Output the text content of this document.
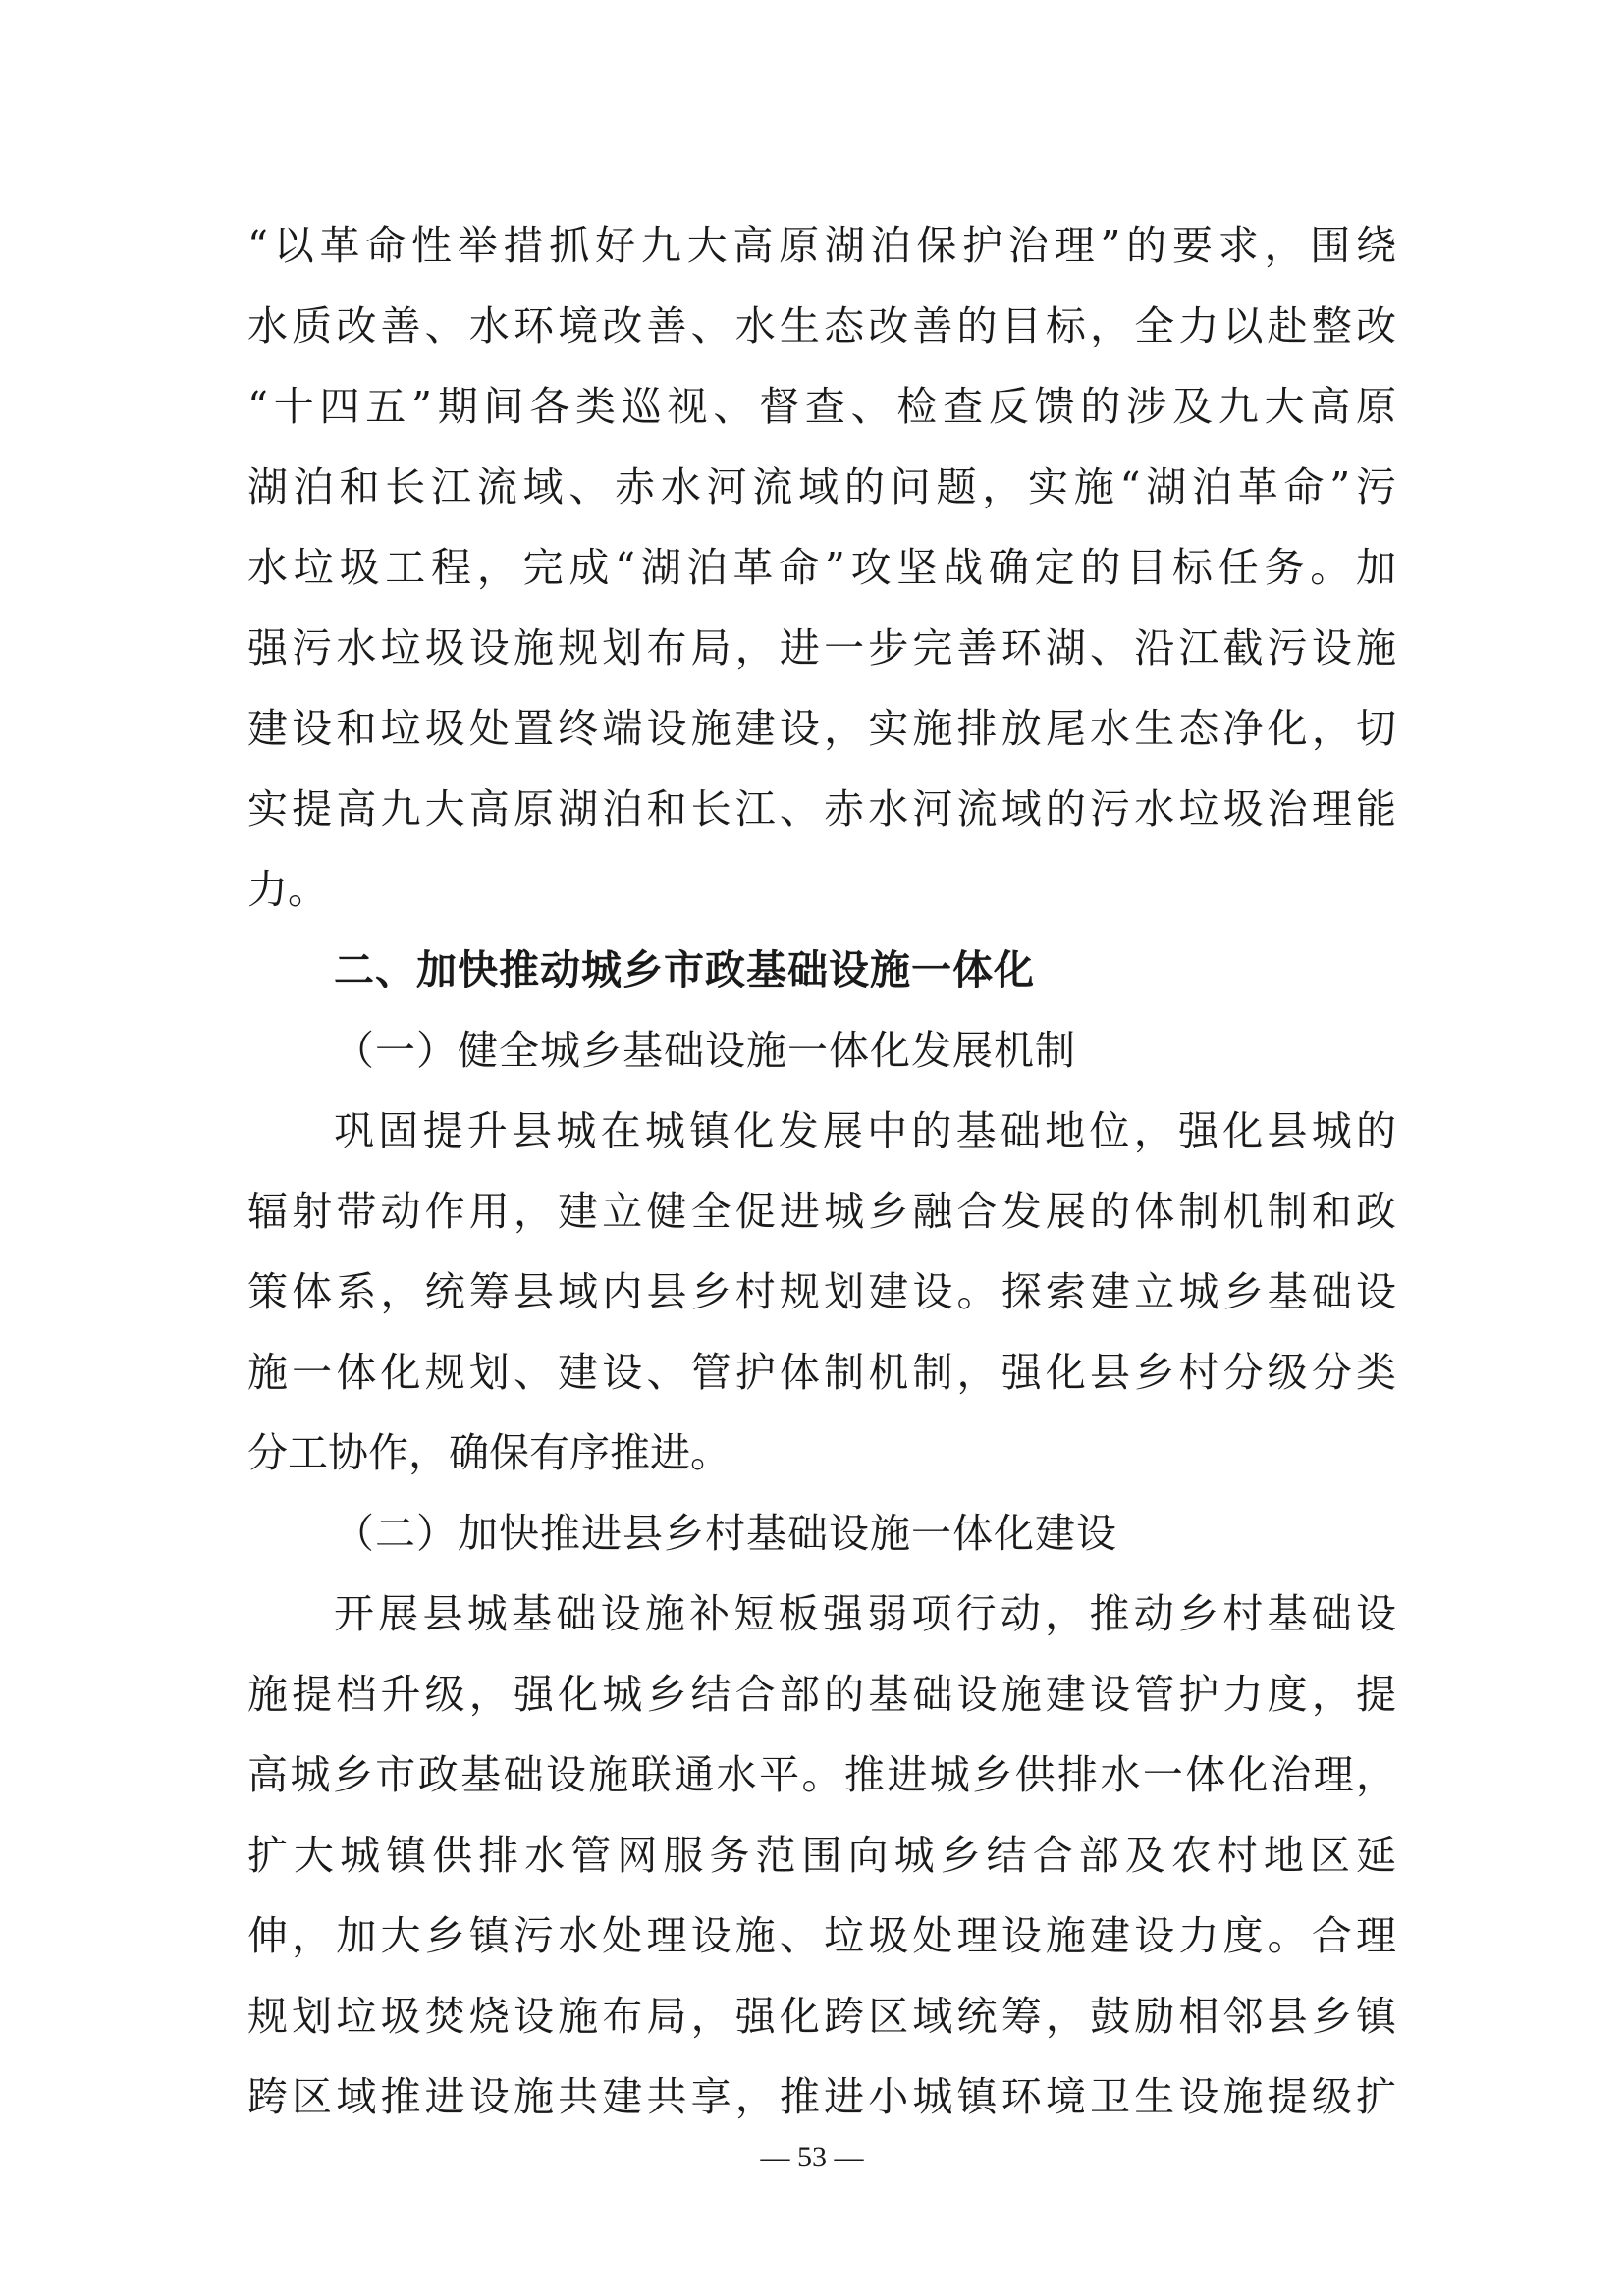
“以革命性举措抓好九大高原湖泊保护治理”的要求，围绕
水质改善、水环境改善、水生态改善的目标，全力以赴整改
“十四五”期间各类巡视、督查、检查反馈的涉及九大高原
湖泊和长江流域、赤水河流域的问题，实施“湖泊革命”污
水垃圾工程，完成“湖泊革命”攻坚战确定的目标任务。加
强污水垃圾设施规划布局，进一步完善环湖、沿江截污设施
建设和垃圾处置终端设施建设，实施排放尾水生态净化，切
实提高九大高原湖泊和长江、赤水河流域的污水垃圾治理能
力。
二、加快推动城乡市政基础设施一体化
（一）健全城乡基础设施一体化发展机制
巩固提升县城在城镇化发展中的基础地位，强化县城的
辐射带动作用，建立健全促进城乡融合发展的体制机制和政
策体系，统筹县域内县乡村规划建设。探索建立城乡基础设
施一体化规划、建设、管护体制机制，强化县乡村分级分类
分工协作，确保有序推进。
（二）加快推进县乡村基础设施一体化建设
开展县城基础设施补短板强弱项行动，推动乡村基础设
施提档升级，强化城乡结合部的基础设施建设管护力度，提
高城乡市政基础设施联通水平。推进城乡供排水一体化治理，
扩大城镇供排水管网服务范围向城乡结合部及农村地区延
伸，加大乡镇污水处理设施、垃圾处理设施建设力度。合理
规划垃圾焚烧设施布局，强化跨区域统筹，鼓励相邻县乡镇
跨区域推进设施共建共享，推进小城镇环境卫生设施提级扩
— 53 —
